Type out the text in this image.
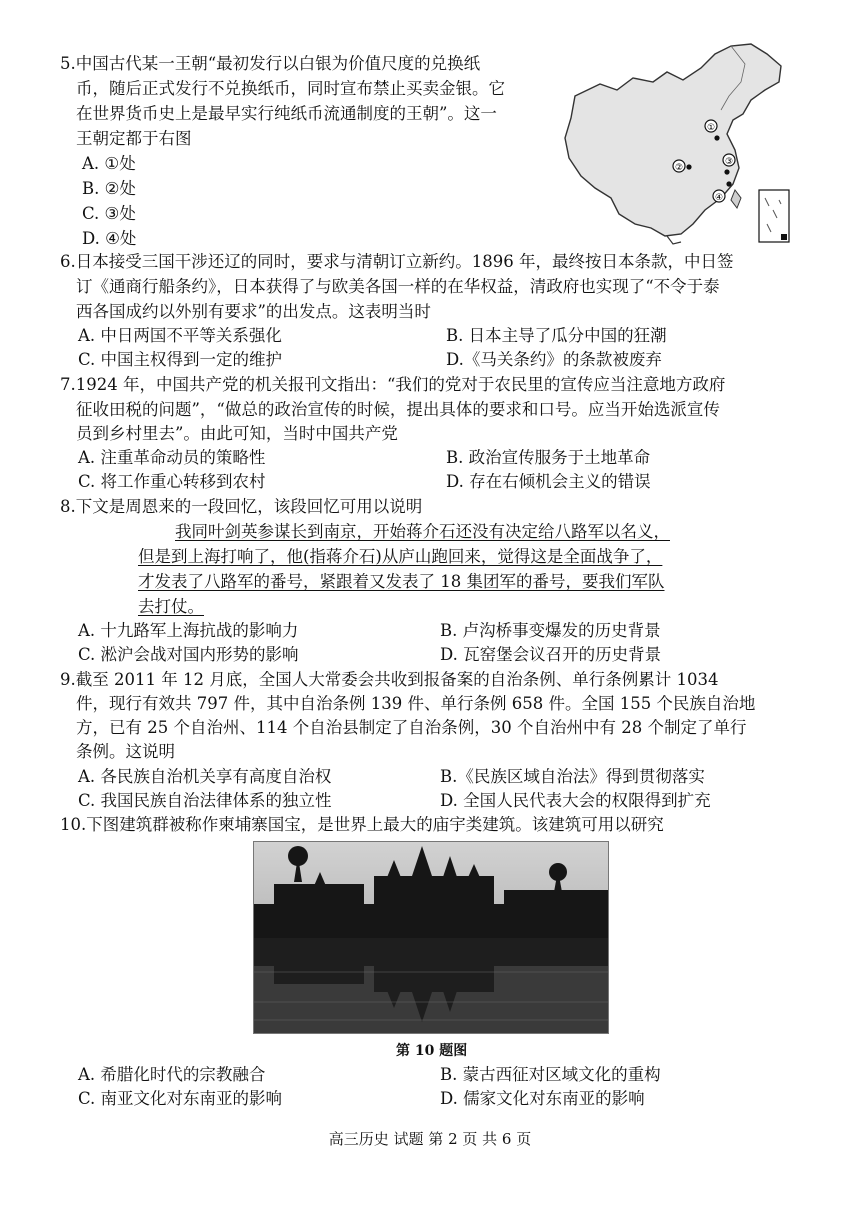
5.中国古代某一王朝“最初发行以白银为价值尺度的兑换纸
币，随后正式发行不兑换纸币，同时宣布禁止买卖金银。它
在世界货币史上是最早实行纯纸币流通制度的王朝”。这一
王朝定都于右图
A. ①处
B. ②处
C. ③处
D. ④处
①
②
③
④
6.日本接受三国干涉还辽的同时，要求与清朝订立新约。1896 年，最终按日本条款，中日签
订《通商行船条约》，日本获得了与欧美各国一样的在华权益，清政府也实现了“不令于泰
西各国成约以外别有要求”的出发点。这表明当时
A. 中日两国不平等关系强化	B. 日本主导了瓜分中国的狂潮
C. 中国主权得到一定的维护	D.《马关条约》的条款被废弃
7.1924 年，中国共产党的机关报刊文指出：“我们的党对于农民里的宣传应当注意地方政府
征收田税的问题”，“做总的政治宣传的时候，提出具体的要求和口号。应当开始选派宣传
员到乡村里去”。由此可知，当时中国共产党
A. 注重革命动员的策略性	B. 政治宣传服务于土地革命
C. 将工作重心转移到农村	D. 存在右倾机会主义的错误
8.下文是周恩来的一段回忆，该段回忆可用以说明
我同叶剑英参谋长到南京，开始蒋介石还没有决定给八路军以名义，
但是到上海打响了，他(指蒋介石)从庐山跑回来，觉得这是全面战争了，
才发表了八路军的番号，紧跟着又发表了 18 集团军的番号，要我们军队
去打仗。
A. 十九路军上海抗战的影响力	B. 卢沟桥事变爆发的历史背景
C. 淞沪会战对国内形势的影响	D. 瓦窑堡会议召开的历史背景
9.截至 2011 年 12 月底，全国人大常委会共收到报备案的自治条例、单行条例累计 1034
件，现行有效共 797 件，其中自治条例 139 件、单行条例 658 件。全国 155 个民族自治地
方，已有 25 个自治州、114 个自治县制定了自治条例，30 个自治州中有 28 个制定了单行
条例。这说明
A. 各民族自治机关享有高度自治权	B.《民族区域自治法》得到贯彻落实
C. 我国民族自治法律体系的独立性	D. 全国人民代表大会的权限得到扩充
10.下图建筑群被称作柬埔寨国宝，是世界上最大的庙宇类建筑。该建筑可用以研究
第 10 题图
A. 希腊化时代的宗教融合	B. 蒙古西征对区域文化的重构
C. 南亚文化对东南亚的影响	D. 儒家文化对东南亚的影响
高三历史 试题 第 2 页 共 6 页
